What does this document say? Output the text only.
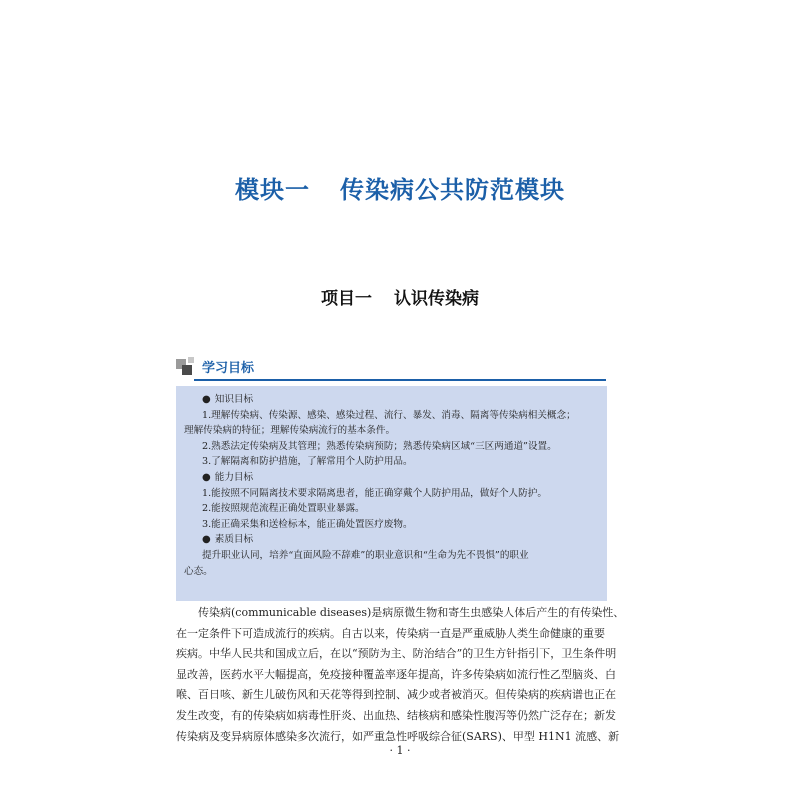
模块一 传染病公共防范模块
项目一 认识传染病
学习目标
● 知识目标
1.理解传染病、传染源、感染、感染过程、流行、暴发、消毒、隔离等传染病相关概念；
理解传染病的特征；理解传染病流行的基本条件。
2.熟悉法定传染病及其管理；熟悉传染病预防；熟悉传染病区域“三区两通道”设置。
3.了解隔离和防护措施，了解常用个人防护用品。
● 能力目标
1.能按照不同隔离技术要求隔离患者，能正确穿戴个人防护用品，做好个人防护。
2.能按照规范流程正确处置职业暴露。
3.能正确采集和送检标本，能正确处置医疗废物。
● 素质目标
提升职业认同，培养“直面风险不辞难”的职业意识和“生命为先不畏惧”的职业
心态。
传染病(communicable diseases)是病原微生物和寄生虫感染人体后产生的有传染性、
在一定条件下可造成流行的疾病。自古以来，传染病一直是严重威胁人类生命健康的重要
疾病。中华人民共和国成立后，在以“预防为主、防治结合”的卫生方针指引下，卫生条件明
显改善，医药水平大幅提高，免疫接种覆盖率逐年提高，许多传染病如流行性乙型脑炎、白
喉、百日咳、新生儿破伤风和天花等得到控制、减少或者被消灭。但传染病的疾病谱也正在
发生改变，有的传染病如病毒性肝炎、出血热、结核病和感染性腹泻等仍然广泛存在；新发
传染病及变异病原体感染多次流行，如严重急性呼吸综合征(SARS)、甲型 H1N1 流感、新
· 1 ·
